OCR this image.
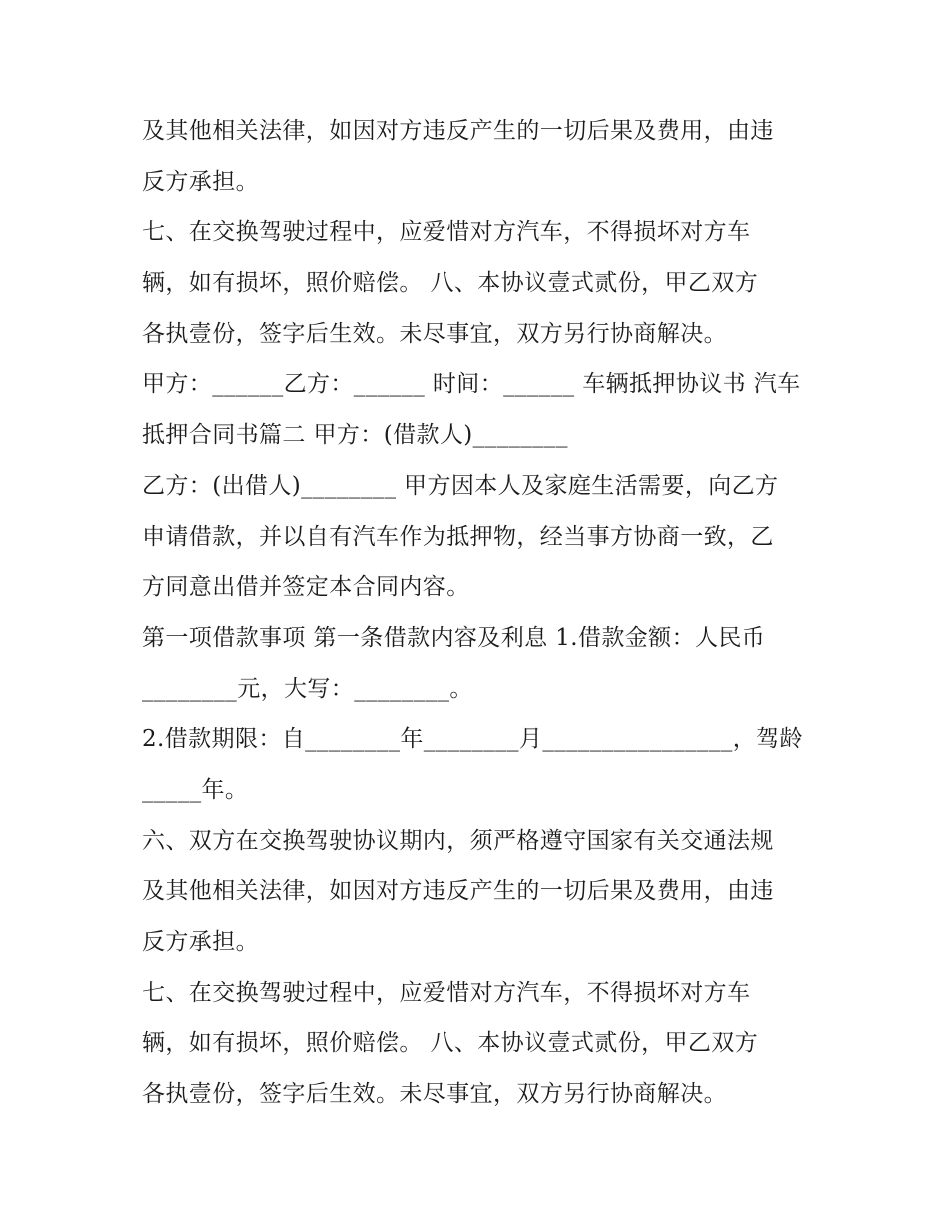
及其他相关法律，如因对方违反产生的一切后果及费用，由违
反方承担。
七、在交换驾驶过程中，应爱惜对方汽车，不得损坏对方车
辆，如有损坏，照价赔偿。 八、本协议壹式贰份，甲乙双方
各执壹份，签字后生效。未尽事宜，双方另行协商解决。
甲方：______乙方：______ 时间：______ 车辆抵押协议书 汽车
抵押合同书篇二 甲方：(借款人)________
乙方：(出借人)________ 甲方因本人及家庭生活需要，向乙方
申请借款，并以自有汽车作为抵押物，经当事方协商一致，乙
方同意出借并签定本合同内容。
第一项借款事项 第一条借款内容及利息 1.借款金额：人民币
________元，大写：________。
2.借款期限：自________年________月________________，驾龄
_____年。
六、双方在交换驾驶协议期内，须严格遵守国家有关交通法规
及其他相关法律，如因对方违反产生的一切后果及费用，由违
反方承担。
七、在交换驾驶过程中，应爱惜对方汽车，不得损坏对方车
辆，如有损坏，照价赔偿。 八、本协议壹式贰份，甲乙双方
各执壹份，签字后生效。未尽事宜，双方另行协商解决。
